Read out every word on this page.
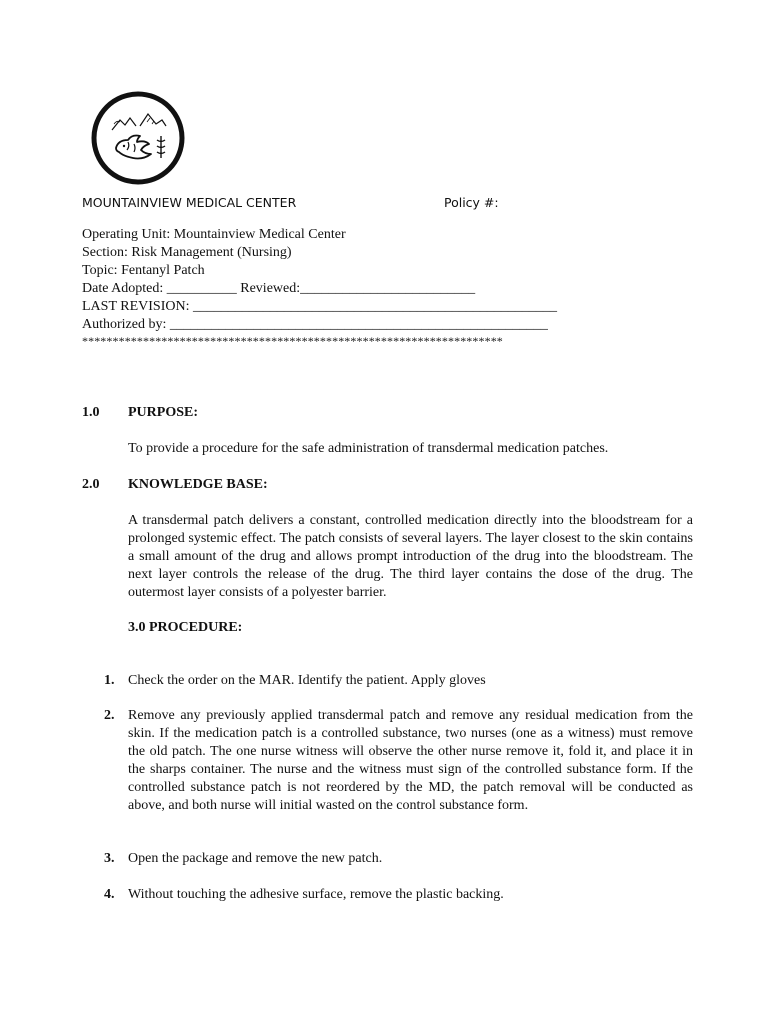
MOUNTAINVIEW MEDICAL CENTER	Policy #:
Operating Unit: Mountainview Medical Center
Section: Risk Management (Nursing)
Topic: Fentanyl Patch
Date Adopted: __________ Reviewed:_________________________
LAST REVISION: ____________________________________________________
Authorized by: ______________________________________________________
*********************************************************************
1.0 PURPOSE:
To provide a procedure for the safe administration of transdermal medication patches.
2.0 KNOWLEDGE BASE:
A transdermal patch delivers a constant, controlled medication directly into the bloodstream for a prolonged systemic effect. The patch consists of several layers. The layer closest to the skin contains a small amount of the drug and allows prompt introduction of the drug into the bloodstream. The next layer controls the release of the drug. The third layer contains the dose of the drug. The outermost layer consists of a polyester barrier.
3.0 PROCEDURE:
1. Check the order on the MAR. Identify the patient. Apply gloves
2. Remove any previously applied transdermal patch and remove any residual medication from the skin. If the medication patch is a controlled substance, two nurses (one as a witness) must remove the old patch. The one nurse witness will observe the other nurse remove it, fold it, and place it in the sharps container. The nurse and the witness must sign of the controlled substance form. If the controlled substance patch is not reordered by the MD, the patch removal will be conducted as above, and both nurse will initial wasted on the control substance form.
3. Open the package and remove the new patch.
4. Without touching the adhesive surface, remove the plastic backing.
